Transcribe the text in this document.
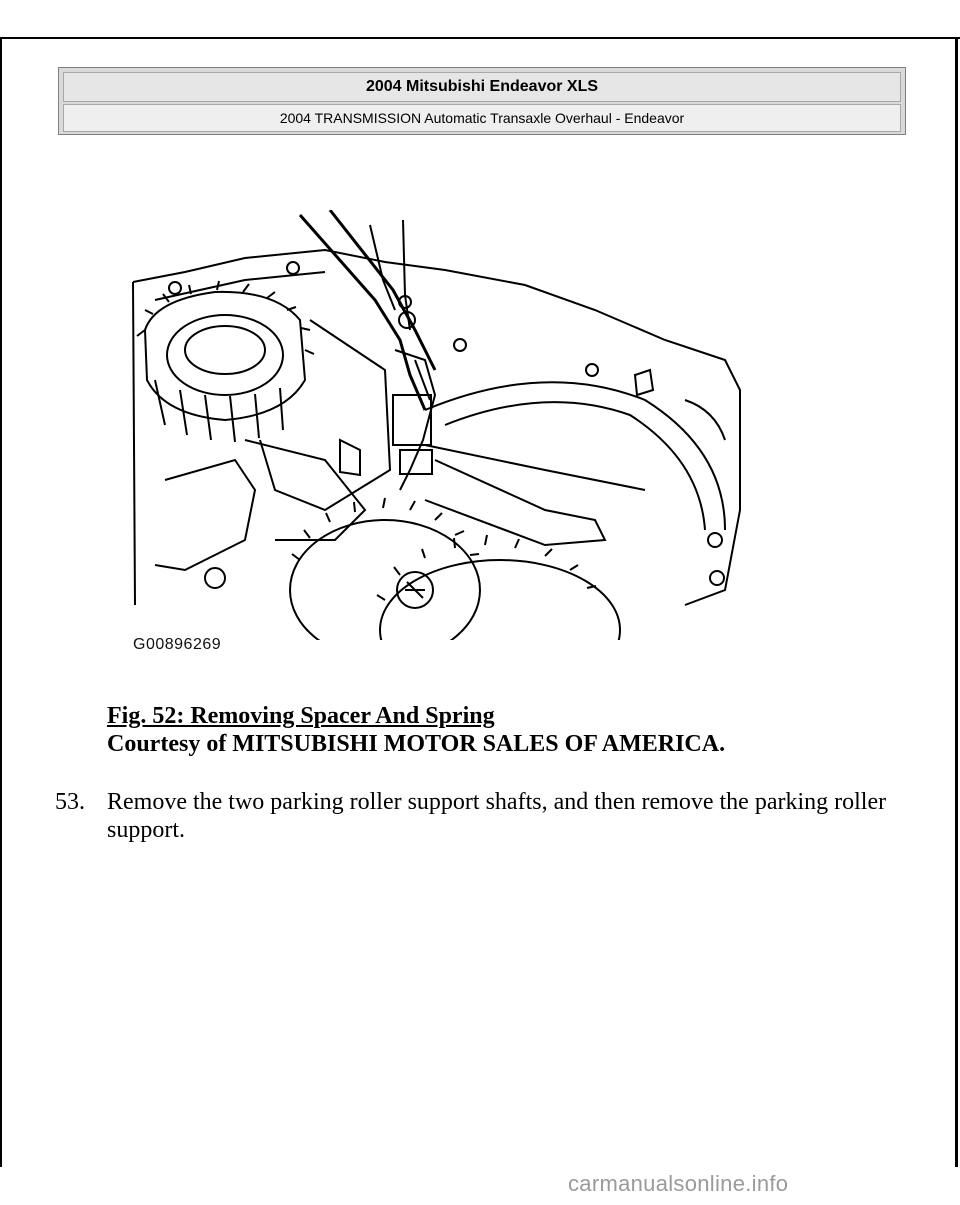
2004 Mitsubishi Endeavor XLS
2004 TRANSMISSION Automatic Transaxle Overhaul - Endeavor
G00896269
Fig. 52: Removing Spacer And Spring
Courtesy of MITSUBISHI MOTOR SALES OF AMERICA.
53. Remove the two parking roller support shafts, and then remove the parking roller support.
carmanualsonline.info
